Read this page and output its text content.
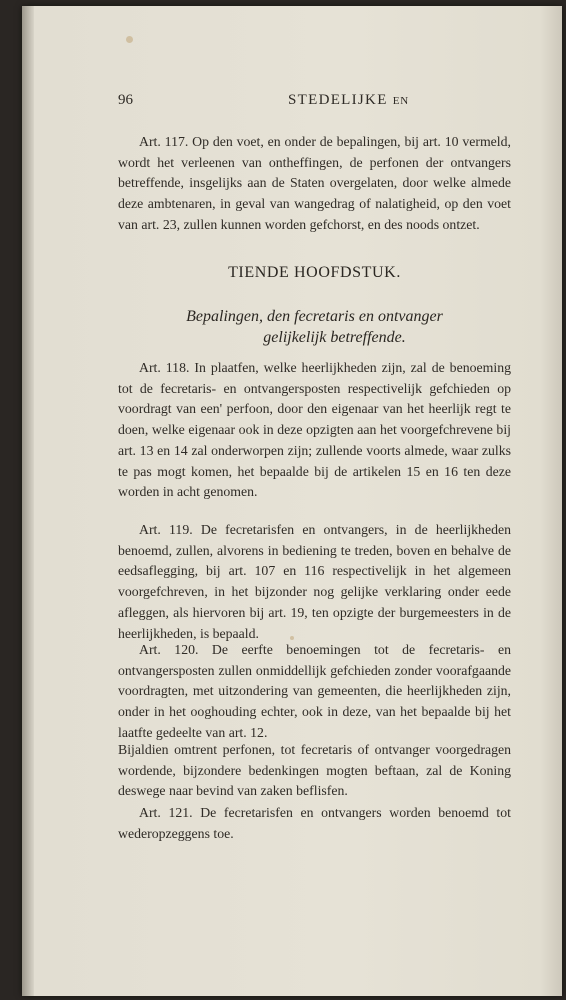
96	STEDELIJKE EN

Art. 117. Op den voet, en onder de bepalingen, bij art. 10 vermeld, wordt het verleenen van ontheffingen, de perfonen der ontvangers betreffende, insgelijks aan de Staten overgelaten, door welke almede deze ambtenaren, in geval van wangedrag of nalatigheid, op den voet van art. 23, zullen kunnen worden gefchorst, en des noods ontzet.

TIENDE HOOFDSTUK.
Bepalingen, den fecretaris en ontvanger
gelijkelijk betreffende.

Art. 118. In plaatfen, welke heerlijkheden zijn, zal de benoeming tot de fecretaris- en ontvangersposten respectivelijk gefchieden op voordragt van een' perfoon, door den eigenaar van het heerlijk regt te doen, welke eigenaar ook in deze opzigten aan het voorgefchrevene bij art. 13 en 14 zal onderworpen zijn; zullende voorts almede, waar zulks te pas mogt komen, het bepaalde bij de artikelen 15 en 16 ten deze worden in acht genomen.

Art. 119. De fecretarisfen en ontvangers, in de heerlijkheden benoemd, zullen, alvorens in bediening te treden, boven en behalve de eedsaflegging, bij art. 107 en 116 respectivelijk in het algemeen voorgefchreven, in het bijzonder nog gelijke verklaring onder eede afleggen, als hiervoren bij art. 19, ten opzigte der burgemeesters in de heerlijkheden, is bepaald.

Art. 120. De eerfte benoemingen tot de fecretaris- en ontvangersposten zullen onmiddellijk gefchieden zonder voorafgaande voordragten, met uitzondering van gemeenten, die heerlijkheden zijn, onder in het ooghouding echter, ook in deze, van het bepaalde bij het laatfte gedeelte van art. 12.

Bijaldien omtrent perfonen, tot fecretaris of ontvanger voorgedragen wordende, bijzondere bedenkingen mogten beftaan, zal de Koning deswege naar bevind van zaken beflisfen.

Art. 121. De fecretarisfen en ontvangers worden benoemd tot wederopzeggens toe.
